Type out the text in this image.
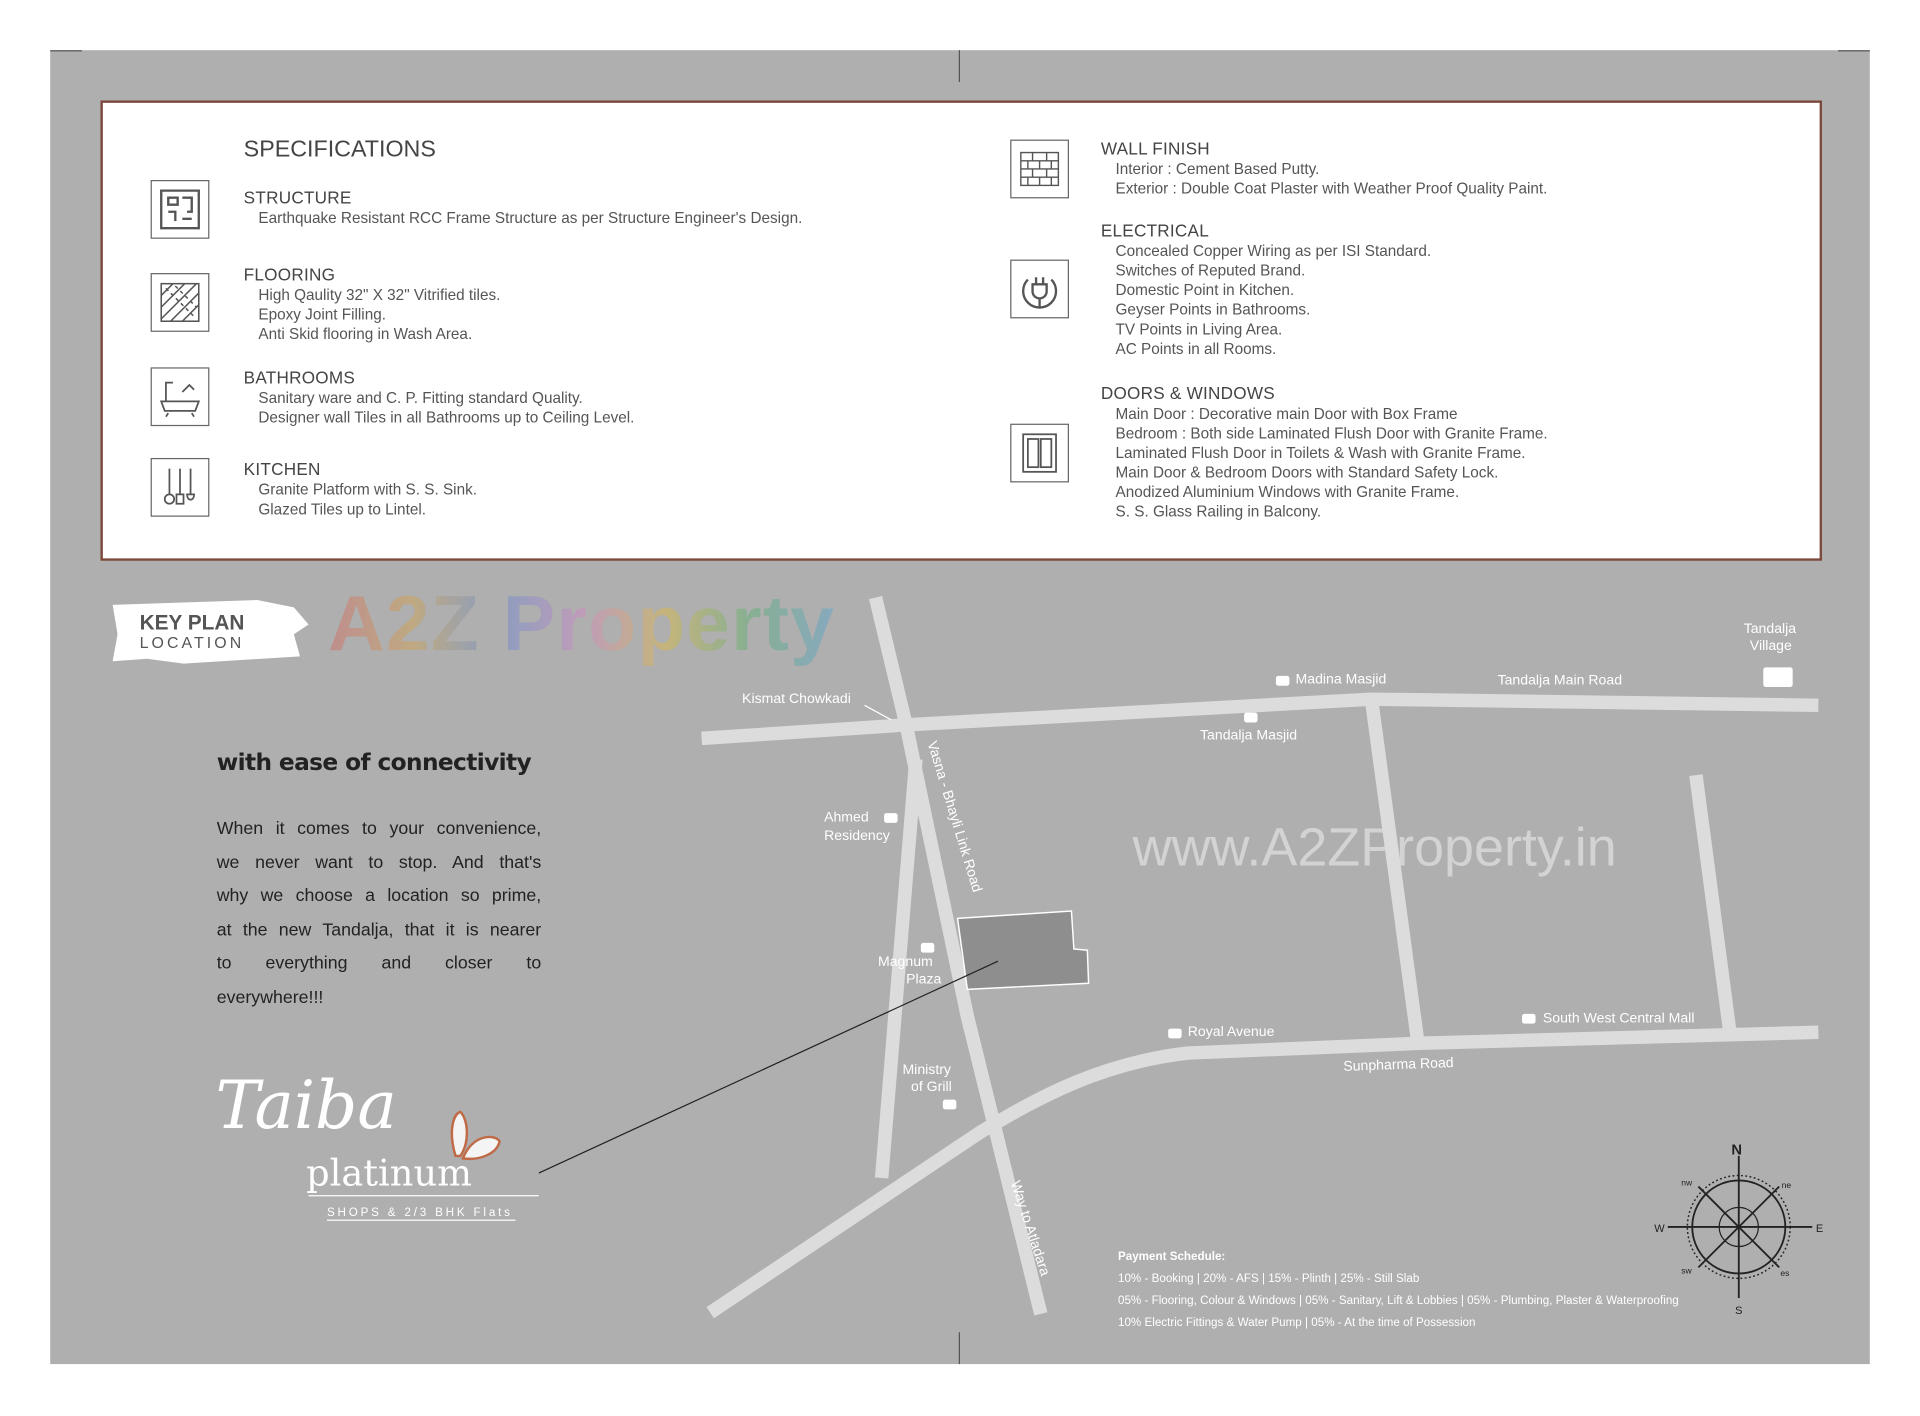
SPECIFICATIONS
STRUCTURE
Earthquake Resistant RCC Frame Structure as per Structure Engineer's Design.
FLOORING
High Qaulity 32" X 32" Vitrified tiles.
Epoxy Joint Filling.
Anti Skid flooring in Wash Area.
BATHROOMS
Sanitary ware and C. P. Fitting standard Quality.
Designer wall Tiles in all Bathrooms up to Ceiling Level.
KITCHEN
Granite Platform with S. S. Sink.
Glazed Tiles up to Lintel.
WALL FINISH
Interior : Cement Based Putty.
Exterior : Double Coat Plaster with Weather Proof Quality Paint.
ELECTRICAL
Concealed Copper Wiring as per ISI Standard.
Switches of Reputed Brand.
Domestic Point in Kitchen.
Geyser Points in Bathrooms.
TV Points in Living Area.
AC Points in all Rooms.
DOORS & WINDOWS
Main Door : Decorative main Door with Box Frame
Bedroom : Both side Laminated Flush Door with Granite Frame.
Laminated Flush Door in Toilets & Wash with Granite Frame.
Main Door & Bedroom Doors with Standard Safety Lock.
Anodized Aluminium Windows with Granite Frame.
S. S. Glass Railing in Balcony.
A2Z Property
www.A2ZProperty.in
KEY PLAN
LOCATION
with ease of connectivity
When it comes to your convenience,
we never want to stop. And that's
why we choose a location so prime,
at the new Tandalja, that it is nearer
to everything and closer to
everywhere!!!
Taiba
platinum
SHOPS & 2/3 BHK Flats
Kismat Chowkadi
Madina Masjid	Tandalja Main Road
Tandalja
Village
Tandalja Masjid
Vasna - Bhayli Link Road
Ahmed
Residency
Magnum
Plaza
Royal Avenue
South West Central Mall
Sunpharma Road
Ministry
of Grill
Way to Atladara
N
S
E
W
ne
nw
es
sw
Payment Schedule:
10% - Booking | 20% - AFS | 15% - Plinth | 25% - Still Slab
05% - Flooring, Colour & Windows | 05% - Sanitary, Lift & Lobbies | 05% - Plumbing, Plaster & Waterproofing
10% Electric Fittings & Water Pump | 05% - At the time of Possession
